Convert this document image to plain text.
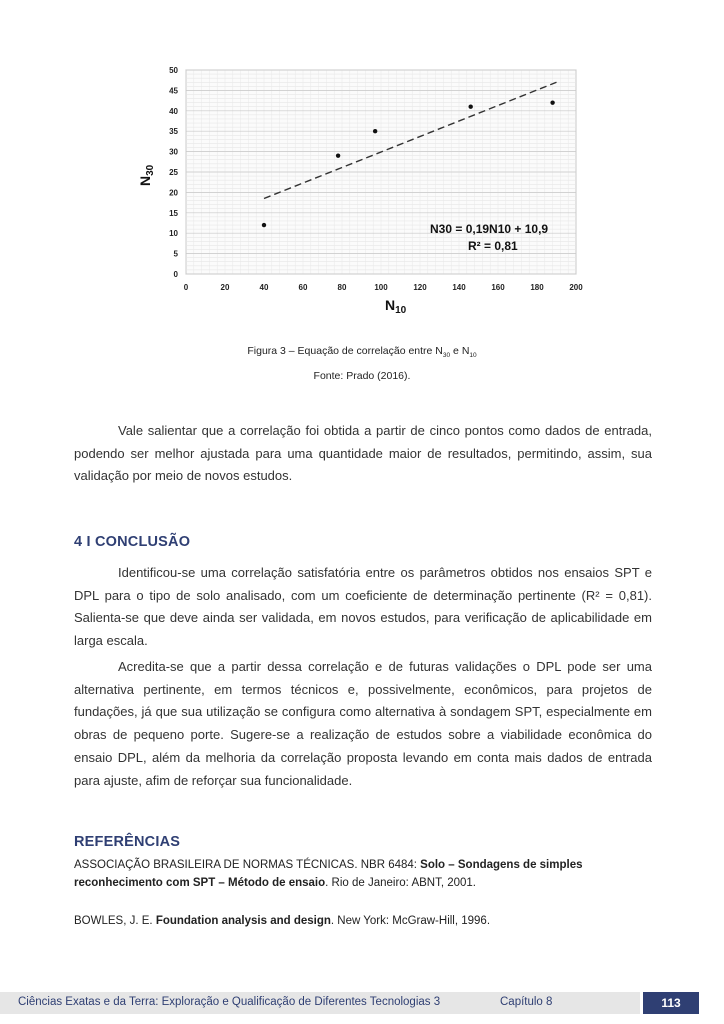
0
5
10
15
20
25
30
35
40
45
50
0	20	40	60	80	100	120	140	160	180	200
$N_{10}$
$N_{30}$
N30 = 0,19N10 + 10,9
R² = 0,81
Figura 3 – Equação de correlação entre $N_{30}$ e $N_{10}$
Fonte: Prado (2016).

Vale salientar que a correlação foi obtida a partir de cinco pontos como dados de entrada, podendo ser melhor ajustada para uma quantidade maior de resultados, permitindo, assim, sua validação por meio de novos estudos.

4 I CONCLUSÃO

Identificou-se uma correlação satisfatória entre os parâmetros obtidos nos ensaios SPT e DPL para o tipo de solo analisado, com um coeficiente de determinação pertinente (R² = 0,81). Salienta-se que deve ainda ser validada, em novos estudos, para verificação de aplicabilidade em larga escala.

Acredita-se que a partir dessa correlação e de futuras validações o DPL pode ser uma alternativa pertinente, em termos técnicos e, possivelmente, econômicos, para projetos de fundações, já que sua utilização se configura como alternativa à sondagem SPT, especialmente em obras de pequeno porte. Sugere-se a realização de estudos sobre a viabilidade econômica do ensaio DPL, além da melhoria da correlação proposta levando em conta mais dados de entrada para ajuste, afim de reforçar sua funcionalidade.

REFERÊNCIAS

ASSOCIAÇÃO BRASILEIRA DE NORMAS TÉCNICAS. NBR 6484: Solo – Sondagens de simples reconhecimento com SPT – Método de ensaio. Rio de Janeiro: ABNT, 2001.

BOWLES, J. E. Foundation analysis and design. New York: McGraw-Hill, 1996.

Ciências Exatas e da Terra: Exploração e Qualificação de Diferentes Tecnologias 3	Capítulo 8	113
